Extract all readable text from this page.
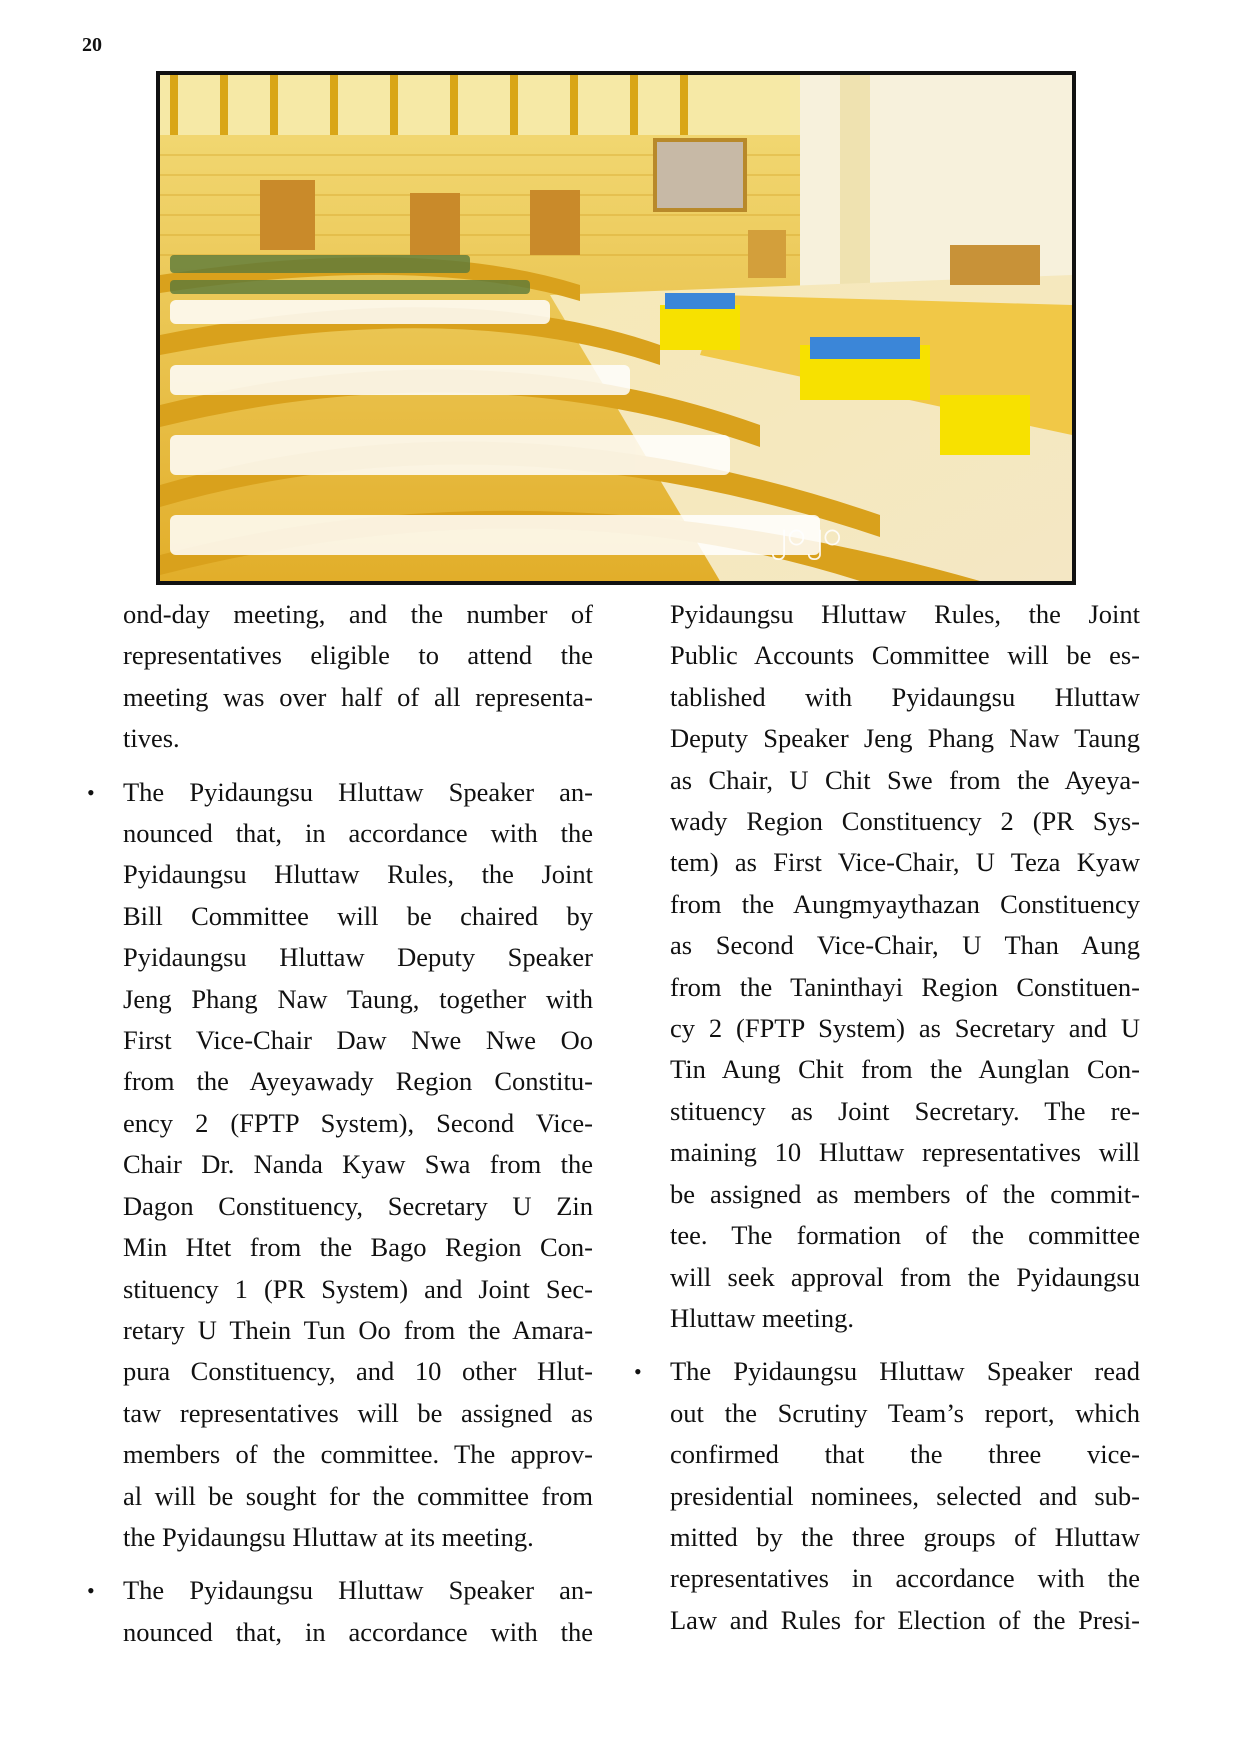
20
၂၀၂၀

ond-day meeting, and the number of
representatives eligible to attend the
meeting was over half of all representa-
tives.

• The Pyidaungsu Hluttaw Speaker an-
nounced that, in accordance with the
Pyidaungsu Hluttaw Rules, the Joint
Bill Committee will be chaired by
Pyidaungsu Hluttaw Deputy Speaker
Jeng Phang Naw Taung, together with
First Vice-Chair Daw Nwe Nwe Oo
from the Ayeyawady Region Constitu-
ency 2 (FPTP System), Second Vice-
Chair Dr. Nanda Kyaw Swa from the
Dagon Constituency, Secretary U Zin
Min Htet from the Bago Region Con-
stituency 1 (PR System) and Joint Sec-
retary U Thein Tun Oo from the Amara-
pura Constituency, and 10 other Hlut-
taw representatives will be assigned as
members of the committee. The approv-
al will be sought for the committee from
the Pyidaungsu Hluttaw at its meeting.
• The Pyidaungsu Hluttaw Speaker an-
nounced that, in accordance with the

Pyidaungsu Hluttaw Rules, the Joint
Public Accounts Committee will be es-
tablished with Pyidaungsu Hluttaw
Deputy Speaker Jeng Phang Naw Taung
as Chair, U Chit Swe from the Ayeya-
wady Region Constituency 2 (PR Sys-
tem) as First Vice-Chair, U Teza Kyaw
from the Aungmyaythazan Constituency
as Second Vice-Chair, U Than Aung
from the Taninthayi Region Constituen-
cy 2 (FPTP System) as Secretary and U
Tin Aung Chit from the Aunglan Con-
stituency as Joint Secretary. The re-
maining 10 Hluttaw representatives will
be assigned as members of the commit-
tee. The formation of the committee
will seek approval from the Pyidaungsu
Hluttaw meeting.

• The Pyidaungsu Hluttaw Speaker read
out the Scrutiny Team’s report, which
confirmed that the three vice-
presidential nominees, selected and sub-
mitted by the three groups of Hluttaw
representatives in accordance with the
Law and Rules for Election of the Presi-
